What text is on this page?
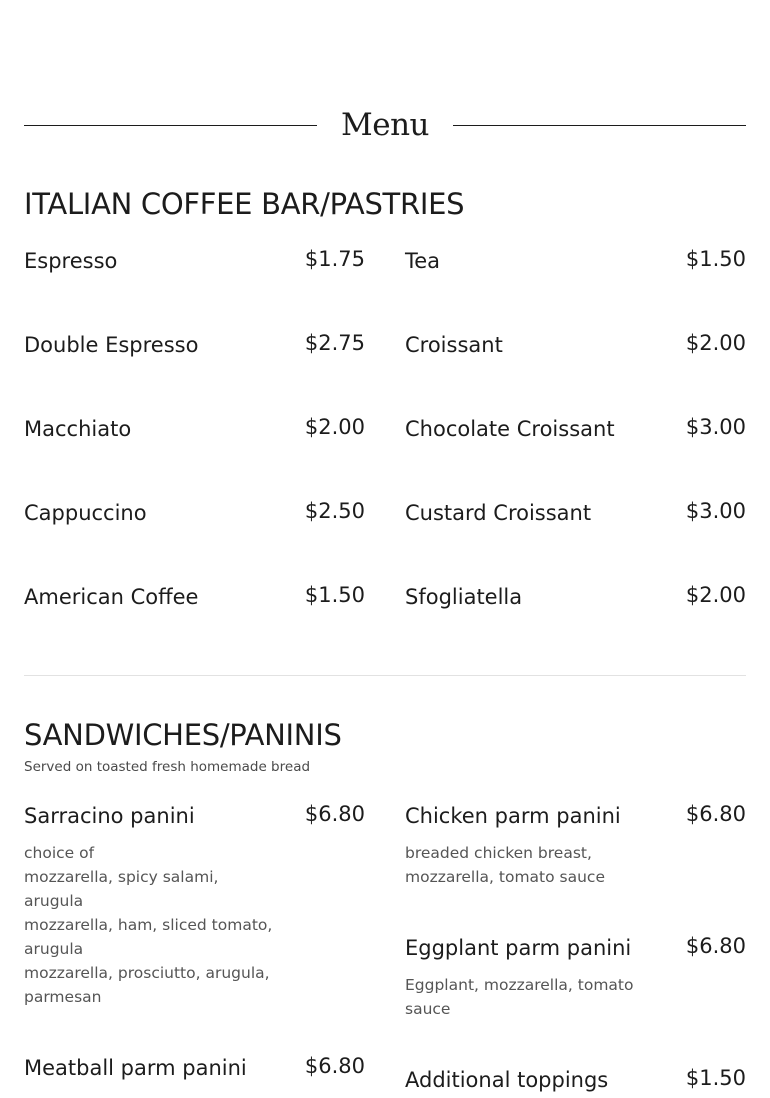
Menu
ITALIAN COFFEE BAR/PASTRIES
Espresso	$1.75
Double Espresso	$2.75
Macchiato	$2.00
Cappuccino	$2.50
American Coffee	$1.50
Tea	$1.50
Croissant	$2.00
Chocolate Croissant	$3.00
Custard Croissant	$3.00
Sfogliatella	$2.00
SANDWICHES/PANINIS

Served on toasted fresh homemade bread

Sarracino panini	$6.80
choice of
mozzarella, spicy salami, arugula
mozzarella, ham, sliced tomato, arugula
mozzarella, prosciutto, arugula, parmesan
Chicken parm panini	$6.80
breaded chicken breast, mozzarella, tomato sauce
Eggplant parm panini	$6.80
Eggplant, mozzarella, tomato sauce
Meatball parm panini	$6.80
Additional toppings	$1.50
